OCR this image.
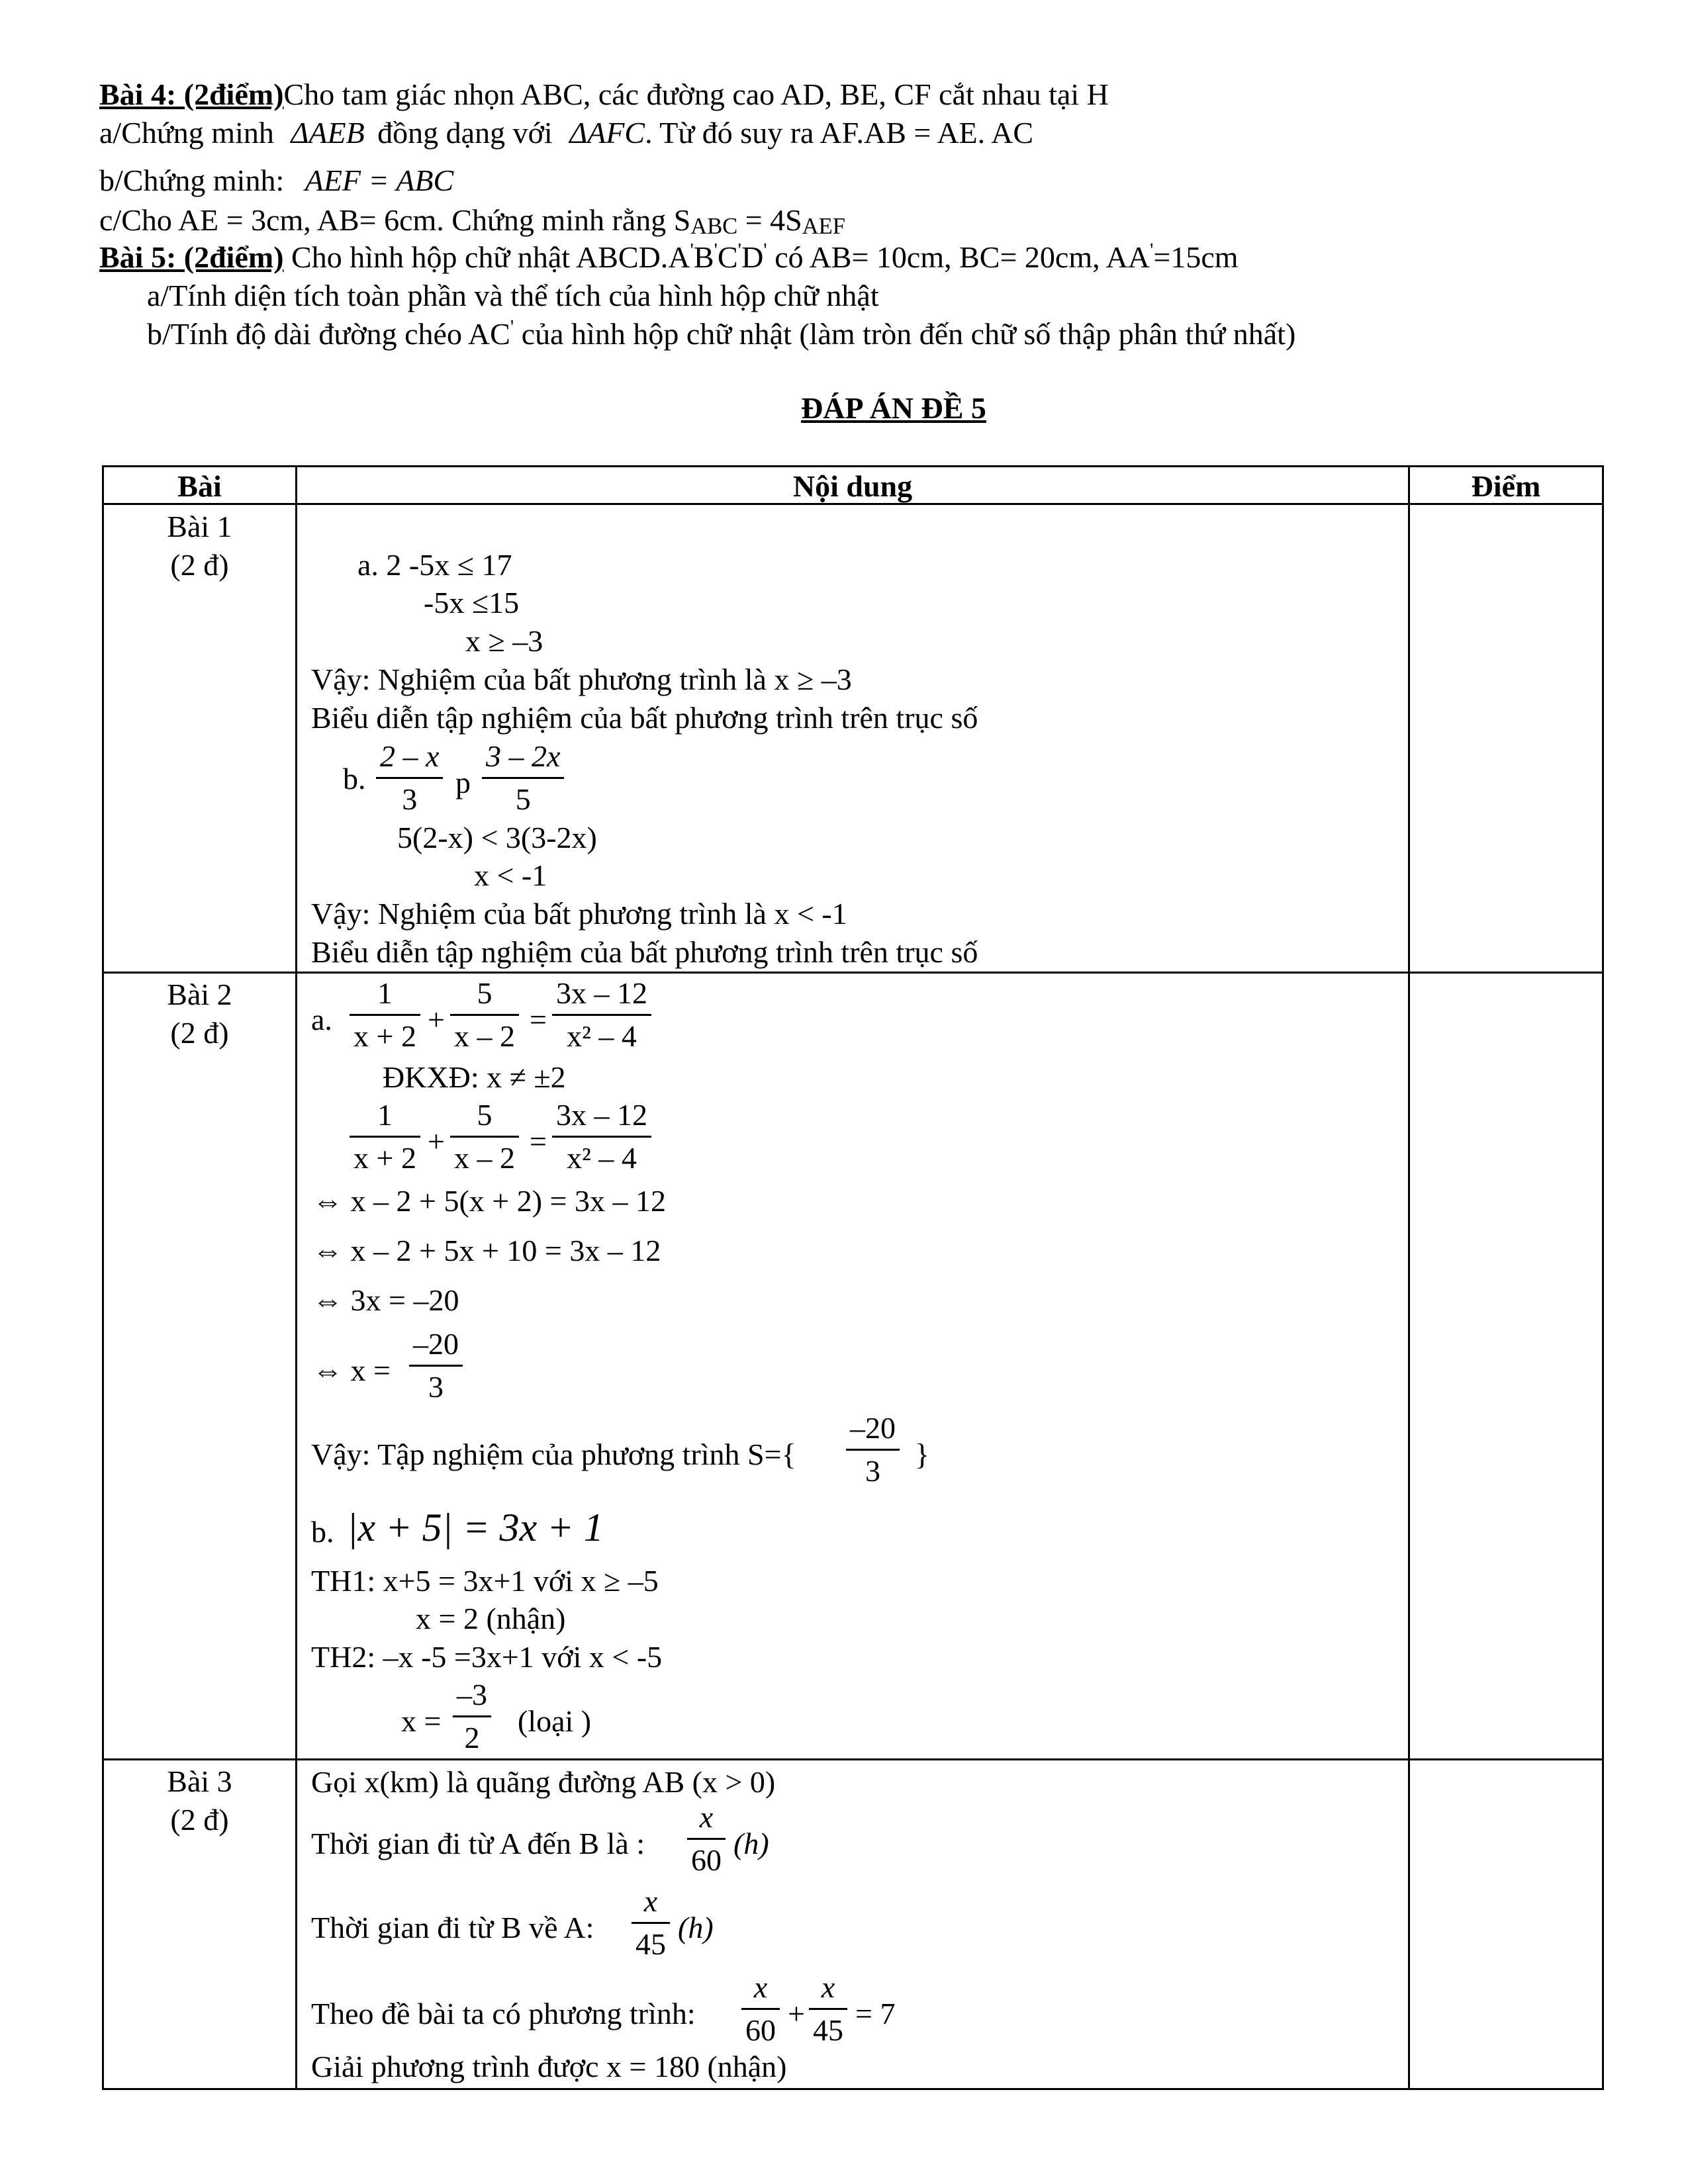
Bài 4: (2điểm)Cho tam giác nhọn ABC, các đường cao AD, BE, CF cắt nhau tại H
a/Chứng minh ΔAEB đồng dạng với ΔAFC. Từ đó suy ra AF.AB = AE. AC
b/Chứng minh: AEF = ABC
c/Cho AE = 3cm, AB= 6cm. Chứng minh rằng $S_{ABC} = 4S_{AEF}$
Bài 5: (2điểm) Cho hình hộp chữ nhật ABCD.A'B'C'D' có AB= 10cm, BC= 20cm, AA'=15cm
a/Tính diện tích toàn phần và thể tích của hình hộp chữ nhật
b/Tính độ dài đường chéo AC' của hình hộp chữ nhật (làm tròn đến chữ số thập phân thứ nhất)
ĐÁP ÁN ĐỀ 5
Bài	Nội dung	Điểm
Bài 1
(2 đ)
Bài 2
(2 đ)
Bài 3
(2 đ)
a. 2 -5x ≤ 17
-5x ≤15
x ≥ –3
Vậy: Nghiệm của bất phương trình là x ≥ –3
Biểu diễn tập nghiệm của bất phương trình trên trục số
b.
2 – x
3 p
3 – 2x
5
5(2-x) < 3(3-2x)
x < -1
Vậy: Nghiệm của bất phương trình là x < -1
Biểu diễn tập nghiệm của bất phương trình trên trục số
a.
1
x + 2 +
5
x – 2 =
3x – 12
x² – 4
ĐKXĐ: x ≠ ±2
1
x + 2 +
5
x – 2 =
3x – 12
x² – 4
⇔ x – 2 + 5(x + 2) = 3x – 12
⇔ x – 2 + 5x + 10 = 3x – 12
⇔ 3x = –20
⇔ x =
–20
3
Vậy: Tập nghiệm của phương trình S={
–20
3 }
b. |x + 5| = 3x + 1
TH1: x+5 = 3x+1 với x ≥ –5
x = 2 (nhận)
TH2: –x -5 =3x+1 với x < -5
x =
–3
2 (loại )
Gọi x(km) là quãng đường AB (x > 0)
Thời gian đi từ A đến B là :
x
60 (h)
Thời gian đi từ B về A:
x
45 (h)
Theo đề bài ta có phương trình:
x
60 +
x
45 = 7
Giải phương trình được x = 180 (nhận)
